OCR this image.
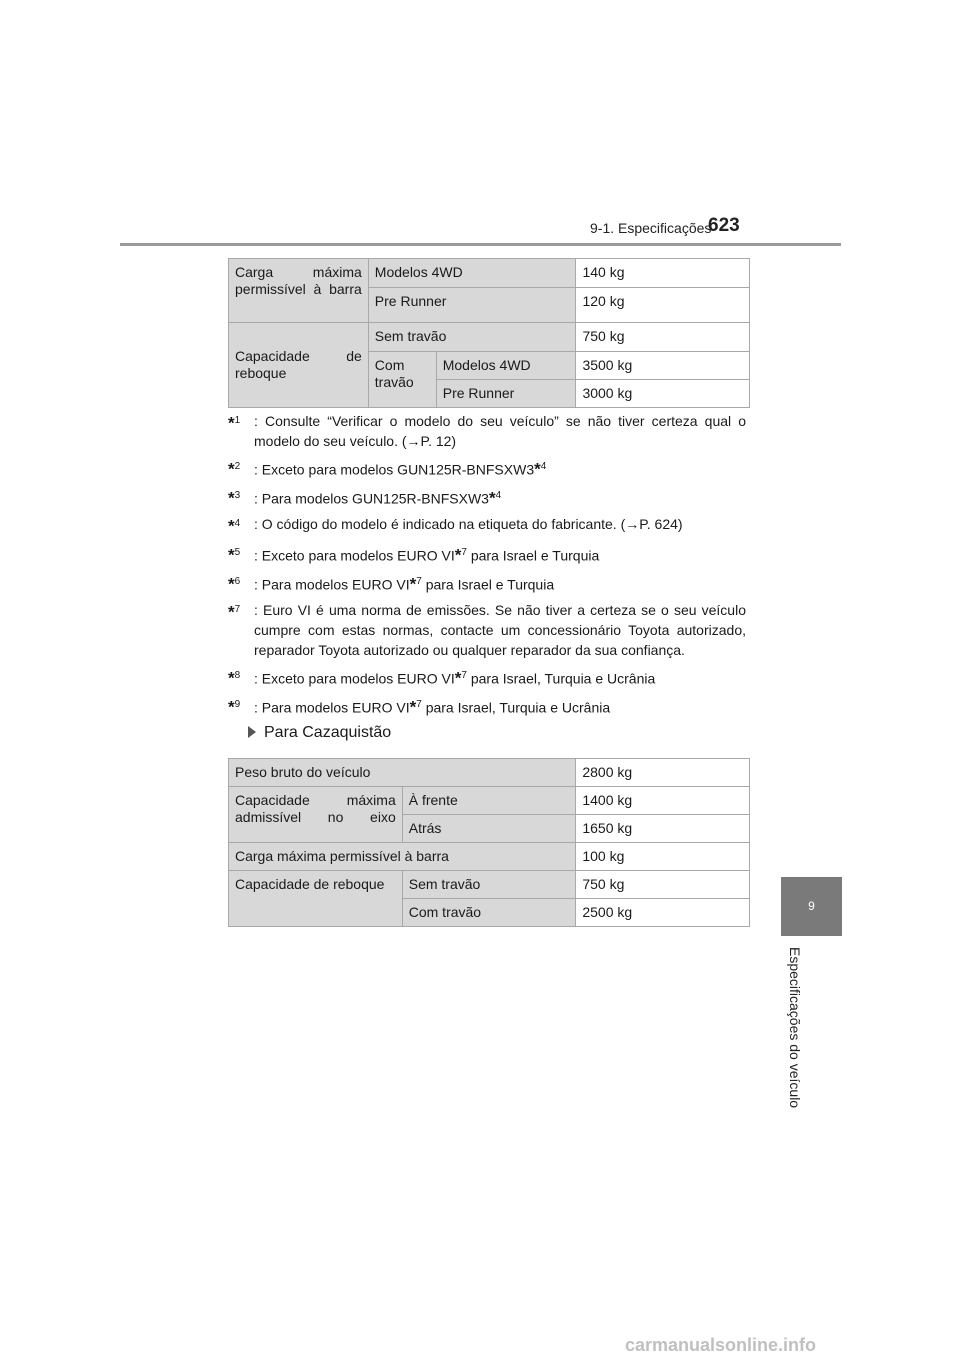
9-1. Especificações
623
9
Especificações do veículo
Carga máxima permissível à barra	Modelos 4WD		140 kg
	Pre Runner		120 kg

Capacidade de reboque	Sem travão		750 kg
	Com travão	Modelos 4WD	3500 kg
		Pre Runner	3000 kg
*$^1$ : Consulte “Verificar o modelo do seu veículo” se não tiver certeza qual o modelo do seu veículo. (→P. 12)
*$^2$ : Exceto para modelos GUN125R-BNFSXW3*$^4$
*$^3$ : Para modelos GUN125R-BNFSXW3*$^4$
*$^4$ : O código do modelo é indicado na etiqueta do fabricante. (→P. 624)
*$^5$ : Exceto para modelos EURO VI*$^7$ para Israel e Turquia
*$^6$ : Para modelos EURO VI*$^7$ para Israel e Turquia
*$^7$ : Euro VI é uma norma de emissões. Se não tiver a certeza se o seu veículo cumpre com estas normas, contacte um concessionário Toyota autorizado, reparador Toyota autorizado ou qualquer reparador da sua confiança.
*$^8$ : Exceto para modelos EURO VI*$^7$ para Israel, Turquia e Ucrânia
*$^9$ : Para modelos EURO VI*$^7$ para Israel, Turquia e Ucrânia
Para Cazaquistão
Peso bruto do veículo		2800 kg
Capacidade máxima admissível no eixo	À frente	1400 kg
	Atrás	1650 kg
Carga máxima permissível à barra		100 kg
Capacidade de reboque	Sem travão	750 kg
	Com travão	2500 kg
carmanualsonline.info
